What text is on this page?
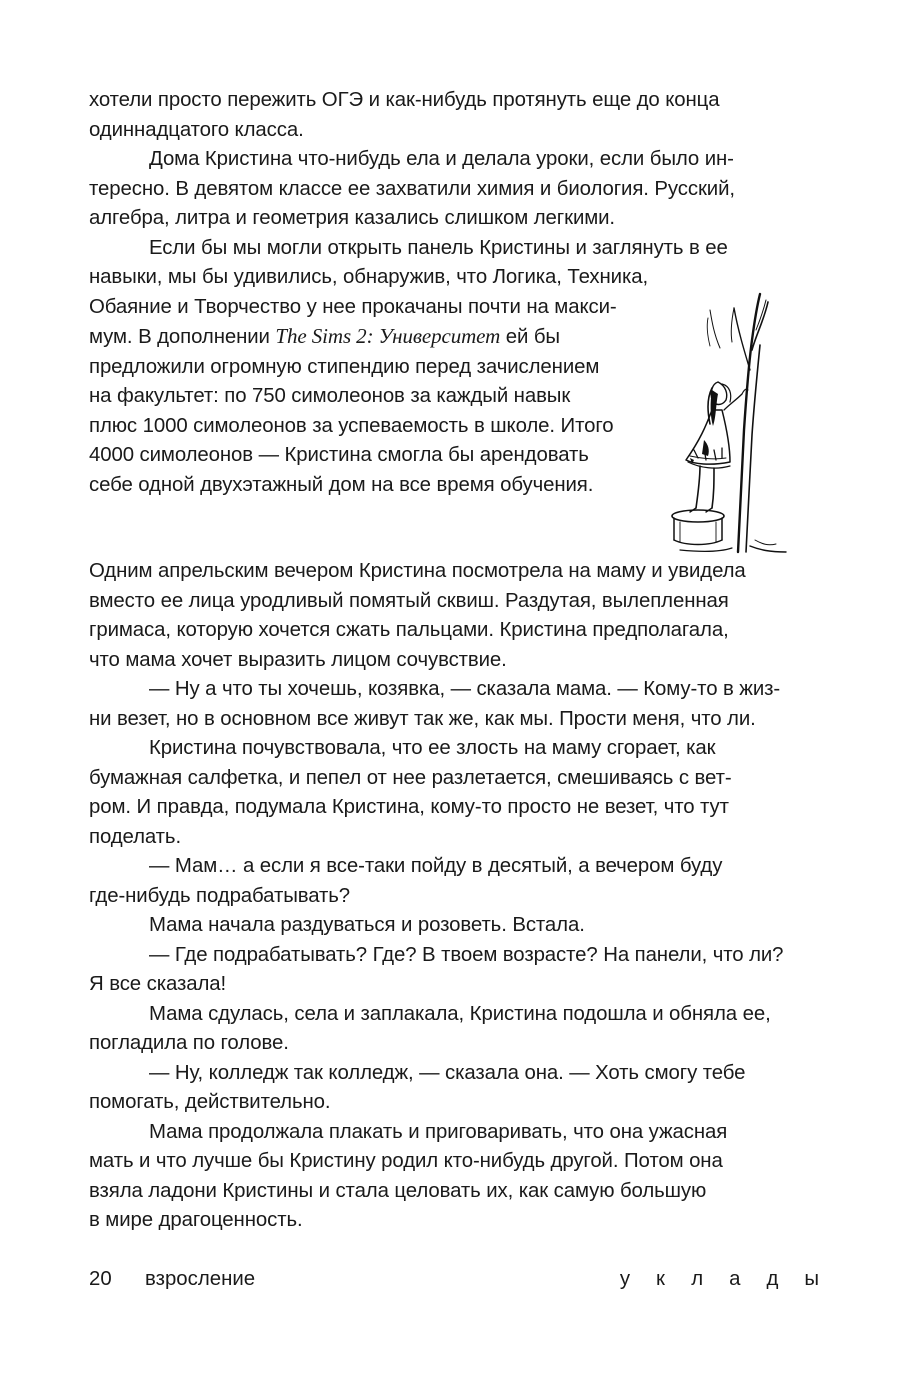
хотели просто пережить ОГЭ и как-нибудь протянуть еще до конца
одиннадцатого класса.

Дома Кристина что-нибудь ела и делала уроки, если было ин-
тересно. В девятом классе ее захватили химия и биология. Русский,
алгебра, литра и геометрия казались слишком легкими.

Если бы мы могли открыть панель Кристины и заглянуть в ее
навыки, мы бы удивились, обнаружив, что Логика, Техника,
Обаяние и Творчество у нее прокачаны почти на макси-
мум. В дополнении The Sims 2: Университет ей бы
предложили огромную стипендию перед зачислением
на факультет: по 750 симолеонов за каждый навык
плюс 1000 симолеонов за успеваемость в школе. Итого
4000 симолеонов — Кристина смогла бы арендовать
себе одной двухэтажный дом на все время обучения.

Одним апрельским вечером Кристина посмотрела на маму и увидела
вместо ее лица уродливый помятый сквиш. Раздутая, вылепленная
гримаса, которую хочется сжать пальцами. Кристина предполагала,
что мама хочет выразить лицом сочувствие.

— Ну а что ты хочешь, козявка, — сказала мама. — Кому-то в жиз-
ни везет, но в основном все живут так же, как мы. Прости меня, что ли.

Кристина почувствовала, что ее злость на маму сгорает, как
бумажная салфетка, и пепел от нее разлетается, смешиваясь с вет-
ром. И правда, подумала Кристина, кому-то просто не везет, что тут
поделать.

— Мам… а если я все-таки пойду в десятый, а вечером буду
где-нибудь подрабатывать?

Мама начала раздуваться и розоветь. Встала.

— Где подрабатывать? Где? В твоем возрасте? На панели, что ли?
Я все сказала!

Мама сдулась, села и заплакала, Кристина подошла и обняла ее,
погладила по голове.

— Ну, колледж так колледж, — сказала она. — Хоть смогу тебе
помогать, действительно.

Мама продолжала плакать и приговаривать, что она ужасная
мать и что лучше бы Кристину родил кто-нибудь другой. Потом она
взяла ладони Кристины и стала целовать их, как самую большую
в мире драгоценность.

20 взросление	уклады
